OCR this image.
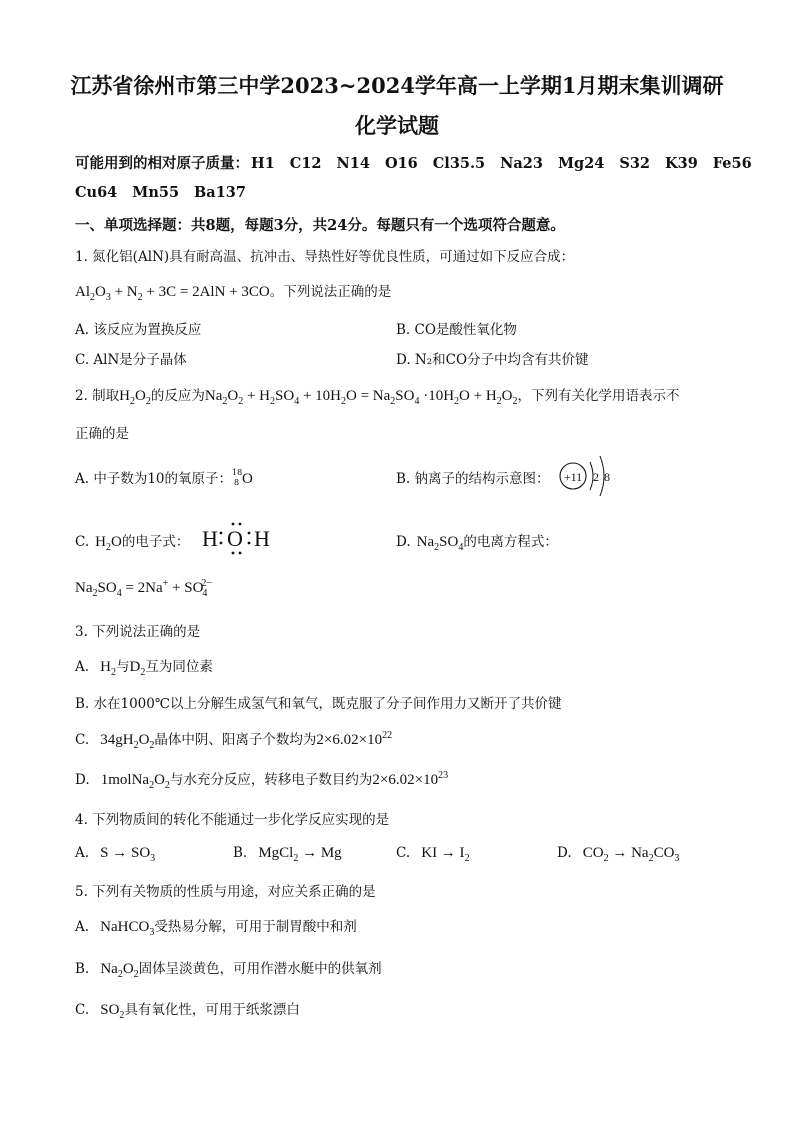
江苏省徐州市第三中学2023~2024学年高一上学期1月期末集训调研
化学试题
可能用到的相对原子质量： H1 C12 N14 O16 Cl35.5 Na23 Mg24 S32 K39 Fe56
Cu64 Mn55 Ba137
一、单项选择题：共8题，每题3分，共24分。每题只有一个选项符合题意。
1. 氮化铝(AlN)具有耐高温、抗冲击、导热性好等优良性质，可通过如下反应合成：
$Al_2O_3 + N_2 + 3C = 2AlN + 3CO$。下列说法正确的是
A. 该反应为置换反应	B. CO是酸性氧化物
C. AlN是分子晶体	D. N₂和CO分子中均含有共价键
2. 制取$H_2O_2$的反应为$Na_2O_2 + H_2SO_4 + 10H_2O = Na_2SO_4 \cdot 10H_2O + H_2O_2$，下列有关化学用语表示不
正确的是
A. 中子数为10的氧原子： 18
8 O	B. 钠离子的结构示意图： +11 2 8
C. $H_2O$的电子式： H O H	D. $Na_2SO_4$的电离方程式：
$Na_2SO_4 = 2Na^+ + SO_4^{2-}$
3. 下列说法正确的是
A. $H_2$与$D_2$互为同位素
B. 水在1000℃以上分解生成氢气和氧气，既克服了分子间作用力又断开了共价键
C. $34gH_2O_2$晶体中阴、阳离子个数均为$2\times 6.02\times 10^{22}$
D. $1molNa_2O_2$与水充分反应，转移电子数目约为$2\times 6.02\times 10^{23}$
4. 下列物质间的转化不能通过一步化学反应实现的是
A. $S \to SO_3$	B. MgCl$_2$ → Mg	C. KI → $I_2$	D. $CO_2 \to Na_2CO_3$
5. 下列有关物质的性质与用途，对应关系正确的是
A. NaHCO$_3$受热易分解，可用于制胃酸中和剂
B. $Na_2O_2$固体呈淡黄色，可用作潜水艇中的供氧剂
C. $SO_2$具有氧化性，可用于纸浆漂白
